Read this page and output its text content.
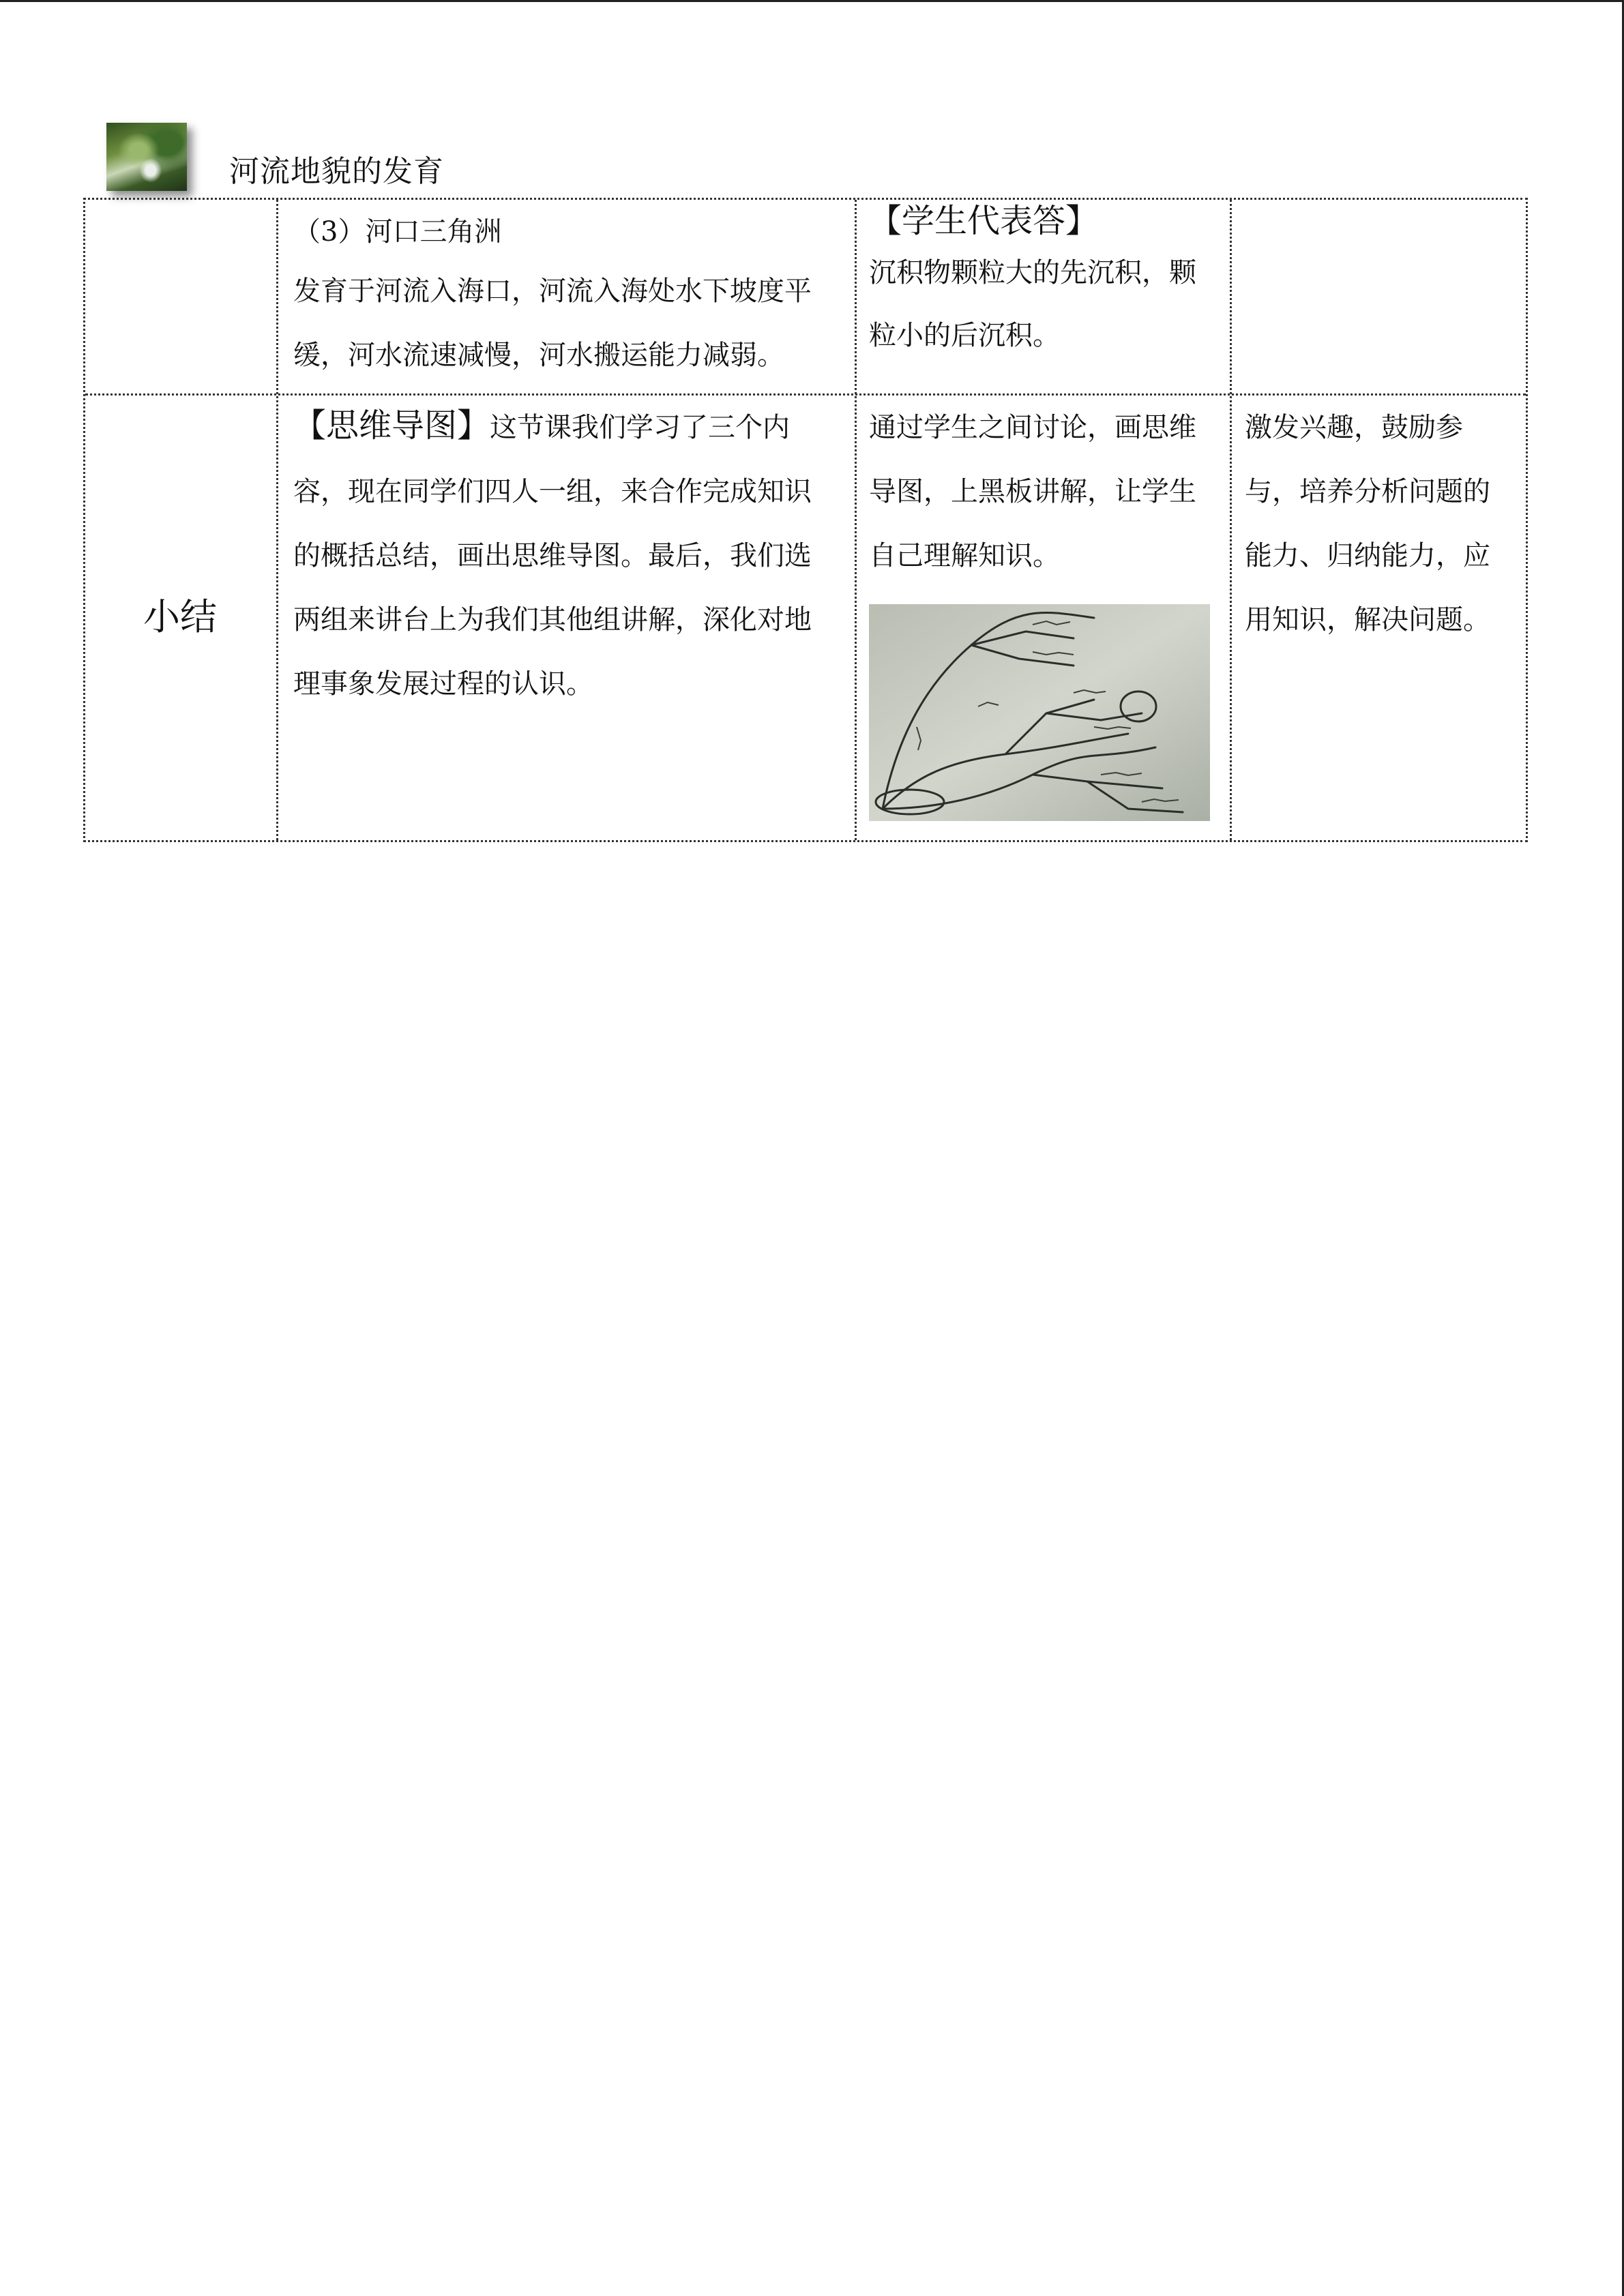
河流地貌的发育

（3）河口三角洲

发育于河流入海口，河流入海处水下坡度平

缓，河水流速减慢，河水搬运能力减弱。

【学生代表答】

沉积物颗粒大的先沉积，颗

粒小的后沉积。

小结

【思维导图】这节课我们学习了三个内

容，现在同学们四人一组，来合作完成知识

的概括总结，画出思维导图。最后，我们选

两组来讲台上为我们其他组讲解，深化对地

理事象发展过程的认识。

通过学生之间讨论，画思维

导图，上黑板讲解，让学生

自己理解知识。

激发兴趣，鼓励参

与，培养分析问题的

能力、归纳能力，应

用知识，解决问题。
